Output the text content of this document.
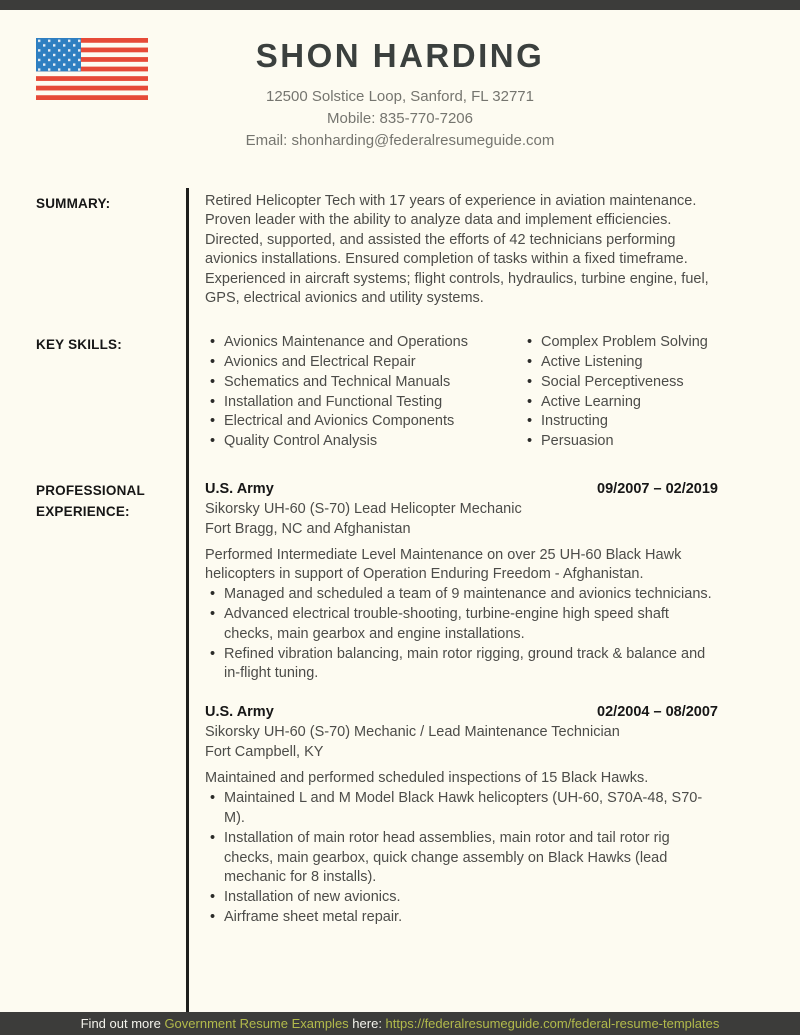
SHON HARDING
12500 Solstice Loop, Sanford, FL 32771
Mobile: 835-770-7206
Email: shonharding@federalresumeguide.com
SUMMARY:	Retired Helicopter Tech with 17 years of experience in aviation maintenance. Proven leader with the ability to analyze data and implement efficiencies. Directed, supported, and assisted the efforts of 42 technicians performing avionics installations. Ensured completion of tasks within a fixed timeframe. Experienced in aircraft systems; flight controls, hydraulics, turbine engine, fuel, GPS, electrical avionics and utility systems.
KEY SKILLS:	• Avionics Maintenance and Operations
• Avionics and Electrical Repair
• Schematics and Technical Manuals
• Installation and Functional Testing
• Electrical and Avionics Components
• Quality Control Analysis
• Complex Problem Solving
• Active Listening
• Social Perceptiveness
• Active Learning
• Instructing
• Persuasion
PROFESSIONAL EXPERIENCE:
U.S. Army	09/2007 – 02/2019
Sikorsky UH-60 (S-70) Lead Helicopter Mechanic
Fort Bragg, NC and Afghanistan

Performed Intermediate Level Maintenance on over 25 UH-60 Black Hawk helicopters in support of Operation Enduring Freedom - Afghanistan.

• Managed and scheduled a team of 9 maintenance and avionics technicians.
• Advanced electrical trouble-shooting, turbine-engine high speed shaft checks, main gearbox and engine installations.
• Refined vibration balancing, main rotor rigging, ground track & balance and in-flight tuning.
U.S. Army	02/2004 – 08/2007
Sikorsky UH-60 (S-70) Mechanic / Lead Maintenance Technician
Fort Campbell, KY

Maintained and performed scheduled inspections of 15 Black Hawks.

• Maintained L and M Model Black Hawk helicopters (UH-60, S70A-48, S70-M).
• Installation of main rotor head assemblies, main rotor and tail rotor rig checks, main gearbox, quick change assembly on Black Hawks (lead mechanic for 8 installs).
• Installation of new avionics.
• Airframe sheet metal repair.
Find out more Government Resume Examples here: https://federalresumeguide.com/federal-resume-templates
